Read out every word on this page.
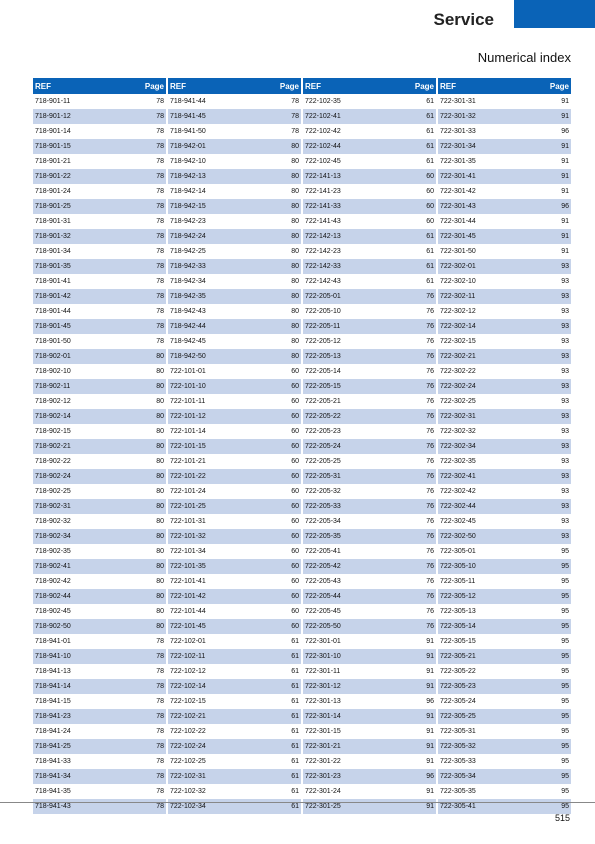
Service
Numerical index
REF	Page
718-901-11	78
718-901-12	78
718-901-14	78
718-901-15	78
718-901-21	78
718-901-22	78
718-901-24	78
718-901-25	78
718-901-31	78
718-901-32	78
718-901-34	78
718-901-35	78
718-901-41	78
718-901-42	78
718-901-44	78
718-901-45	78
718-901-50	78
718-902-01	80
718-902-10	80
718-902-11	80
718-902-12	80
718-902-14	80
718-902-15	80
718-902-21	80
718-902-22	80
718-902-24	80
718-902-25	80
718-902-31	80
718-902-32	80
718-902-34	80
718-902-35	80
718-902-41	80
718-902-42	80
718-902-44	80
718-902-45	80
718-902-50	80
718-941-01	78
718-941-10	78
718-941-13	78
718-941-14	78
718-941-15	78
718-941-23	78
718-941-24	78
718-941-25	78
718-941-33	78
718-941-34	78
718-941-35	78
718-941-43	78
REF	Page
718-941-44	78
718-941-45	78
718-941-50	78
718-942-01	80
718-942-10	80
718-942-13	80
718-942-14	80
718-942-15	80
718-942-23	80
718-942-24	80
718-942-25	80
718-942-33	80
718-942-34	80
718-942-35	80
718-942-43	80
718-942-44	80
718-942-45	80
718-942-50	80
722-101-01	60
722-101-10	60
722-101-11	60
722-101-12	60
722-101-14	60
722-101-15	60
722-101-21	60
722-101-22	60
722-101-24	60
722-101-25	60
722-101-31	60
722-101-32	60
722-101-34	60
722-101-35	60
722-101-41	60
722-101-42	60
722-101-44	60
722-101-45	60
722-102-01	61
722-102-11	61
722-102-12	61
722-102-14	61
722-102-15	61
722-102-21	61
722-102-22	61
722-102-24	61
722-102-25	61
722-102-31	61
722-102-32	61
722-102-34	61
REF	Page
722-102-35	61
722-102-41	61
722-102-42	61
722-102-44	61
722-102-45	61
722-141-13	60
722-141-23	60
722-141-33	60
722-141-43	60
722-142-13	61
722-142-23	61
722-142-33	61
722-142-43	61
722-205-01	76
722-205-10	76
722-205-11	76
722-205-12	76
722-205-13	76
722-205-14	76
722-205-15	76
722-205-21	76
722-205-22	76
722-205-23	76
722-205-24	76
722-205-25	76
722-205-31	76
722-205-32	76
722-205-33	76
722-205-34	76
722-205-35	76
722-205-41	76
722-205-42	76
722-205-43	76
722-205-44	76
722-205-45	76
722-205-50	76
722-301-01	91
722-301-10	91
722-301-11	91
722-301-12	91
722-301-13	96
722-301-14	91
722-301-15	91
722-301-21	91
722-301-22	91
722-301-23	96
722-301-24	91
722-301-25	91
REF	Page
722-301-31	91
722-301-32	91
722-301-33	96
722-301-34	91
722-301-35	91
722-301-41	91
722-301-42	91
722-301-43	96
722-301-44	91
722-301-45	91
722-301-50	91
722-302-01	93
722-302-10	93
722-302-11	93
722-302-12	93
722-302-14	93
722-302-15	93
722-302-21	93
722-302-22	93
722-302-24	93
722-302-25	93
722-302-31	93
722-302-32	93
722-302-34	93
722-302-35	93
722-302-41	93
722-302-42	93
722-302-44	93
722-302-45	93
722-302-50	93
722-305-01	95
722-305-10	95
722-305-11	95
722-305-12	95
722-305-13	95
722-305-14	95
722-305-15	95
722-305-21	95
722-305-22	95
722-305-23	95
722-305-24	95
722-305-25	95
722-305-31	95
722-305-32	95
722-305-33	95
722-305-34	95
722-305-35	95
722-305-41	95
515
